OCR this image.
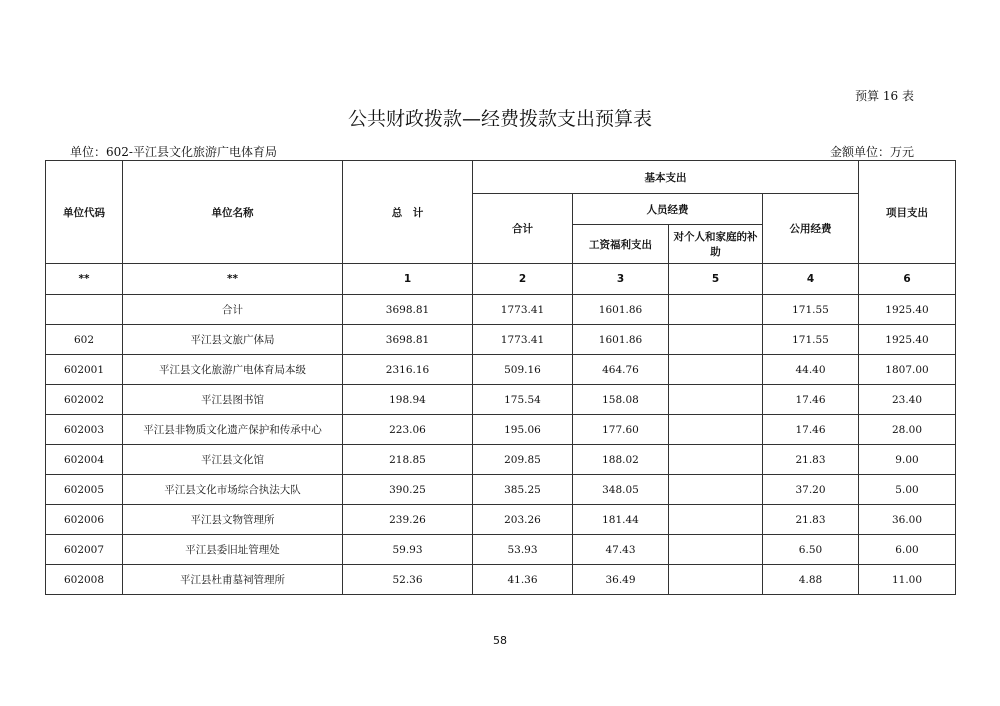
预算 16 表
公共财政拨款—经费拨款支出预算表
单位：602-平江县文化旅游广电体育局	金额单位：万元
单位代码	单位名称	总　计	基本支出				项目支出
			合计	人员经费		公用经费	
				工资福利支出	对个人和家庭的补助		
**	**	1	2	3	5	4	6
	合计	3698.81	1773.41	1601.86		171.55	1925.40
602	平江县文旅广体局	3698.81	1773.41	1601.86		171.55	1925.40
602001	平江县文化旅游广电体育局本级	2316.16	509.16	464.76		44.40	1807.00
602002	平江县图书馆	198.94	175.54	158.08		17.46	23.40
602003	平江县非物质文化遗产保护和传承中心	223.06	195.06	177.60		17.46	28.00
602004	平江县文化馆	218.85	209.85	188.02		21.83	9.00
602005	平江县文化市场综合执法大队	390.25	385.25	348.05		37.20	5.00
602006	平江县文物管理所	239.26	203.26	181.44		21.83	36.00
602007	平江县委旧址管理处	59.93	53.93	47.43		6.50	6.00
602008	平江县杜甫墓祠管理所	52.36	41.36	36.49		4.88	11.00
58
